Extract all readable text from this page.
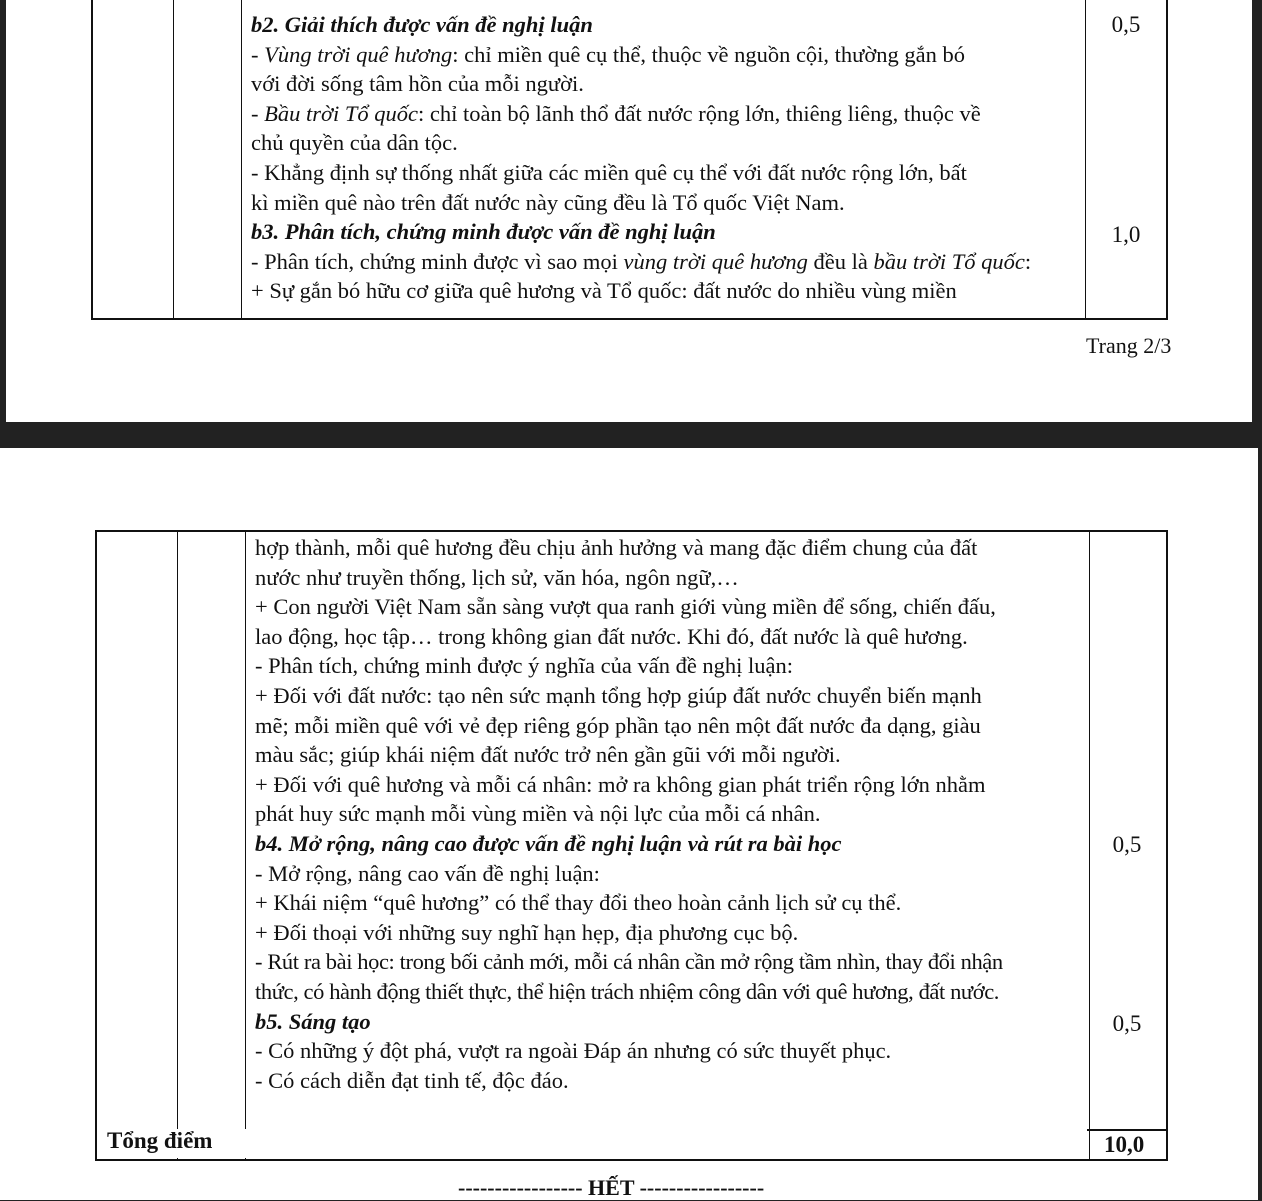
b2. Giải thích được vấn đề nghị luận
- Vùng trời quê hương: chỉ miền quê cụ thể, thuộc về nguồn cội, thường gắn bó
với đời sống tâm hồn của mỗi người.
- Bầu trời Tổ quốc: chỉ toàn bộ lãnh thổ đất nước rộng lớn, thiêng liêng, thuộc về
chủ quyền của dân tộc.
- Khẳng định sự thống nhất giữa các miền quê cụ thể với đất nước rộng lớn, bất
kì miền quê nào trên đất nước này cũng đều là Tổ quốc Việt Nam.
b3. Phân tích, chứng minh được vấn đề nghị luận
- Phân tích, chứng minh được vì sao mọi vùng trời quê hương đều là bầu trời Tổ quốc:
+ Sự gắn bó hữu cơ giữa quê hương và Tổ quốc: đất nước do nhiều vùng miền
0,5
1,0
Trang 2/3
hợp thành, mỗi quê hương đều chịu ảnh hưởng và mang đặc điểm chung của đất
nước như truyền thống, lịch sử, văn hóa, ngôn ngữ,…
+ Con người Việt Nam sẵn sàng vượt qua ranh giới vùng miền để sống, chiến đấu,
lao động, học tập… trong không gian đất nước. Khi đó, đất nước là quê hương.
- Phân tích, chứng minh được ý nghĩa của vấn đề nghị luận:
+ Đối với đất nước: tạo nên sức mạnh tổng hợp giúp đất nước chuyển biến mạnh
mẽ; mỗi miền quê với vẻ đẹp riêng góp phần tạo nên một đất nước đa dạng, giàu
màu sắc; giúp khái niệm đất nước trở nên gần gũi với mỗi người.
+ Đối với quê hương và mỗi cá nhân: mở ra không gian phát triển rộng lớn nhằm
phát huy sức mạnh mỗi vùng miền và nội lực của mỗi cá nhân.
b4. Mở rộng, nâng cao được vấn đề nghị luận và rút ra bài học
- Mở rộng, nâng cao vấn đề nghị luận:
+ Khái niệm “quê hương” có thể thay đổi theo hoàn cảnh lịch sử cụ thể.
+ Đối thoại với những suy nghĩ hạn hẹp, địa phương cục bộ.
- Rút ra bài học: trong bối cảnh mới, mỗi cá nhân cần mở rộng tầm nhìn, thay đổi nhận
thức, có hành động thiết thực, thể hiện trách nhiệm công dân với quê hương, đất nước.
b5. Sáng tạo
- Có những ý đột phá, vượt ra ngoài Đáp án nhưng có sức thuyết phục.
- Có cách diễn đạt tinh tế, độc đáo.
0,5
0,5
Tổng điểm	10,0
----------------- HẾT -----------------
